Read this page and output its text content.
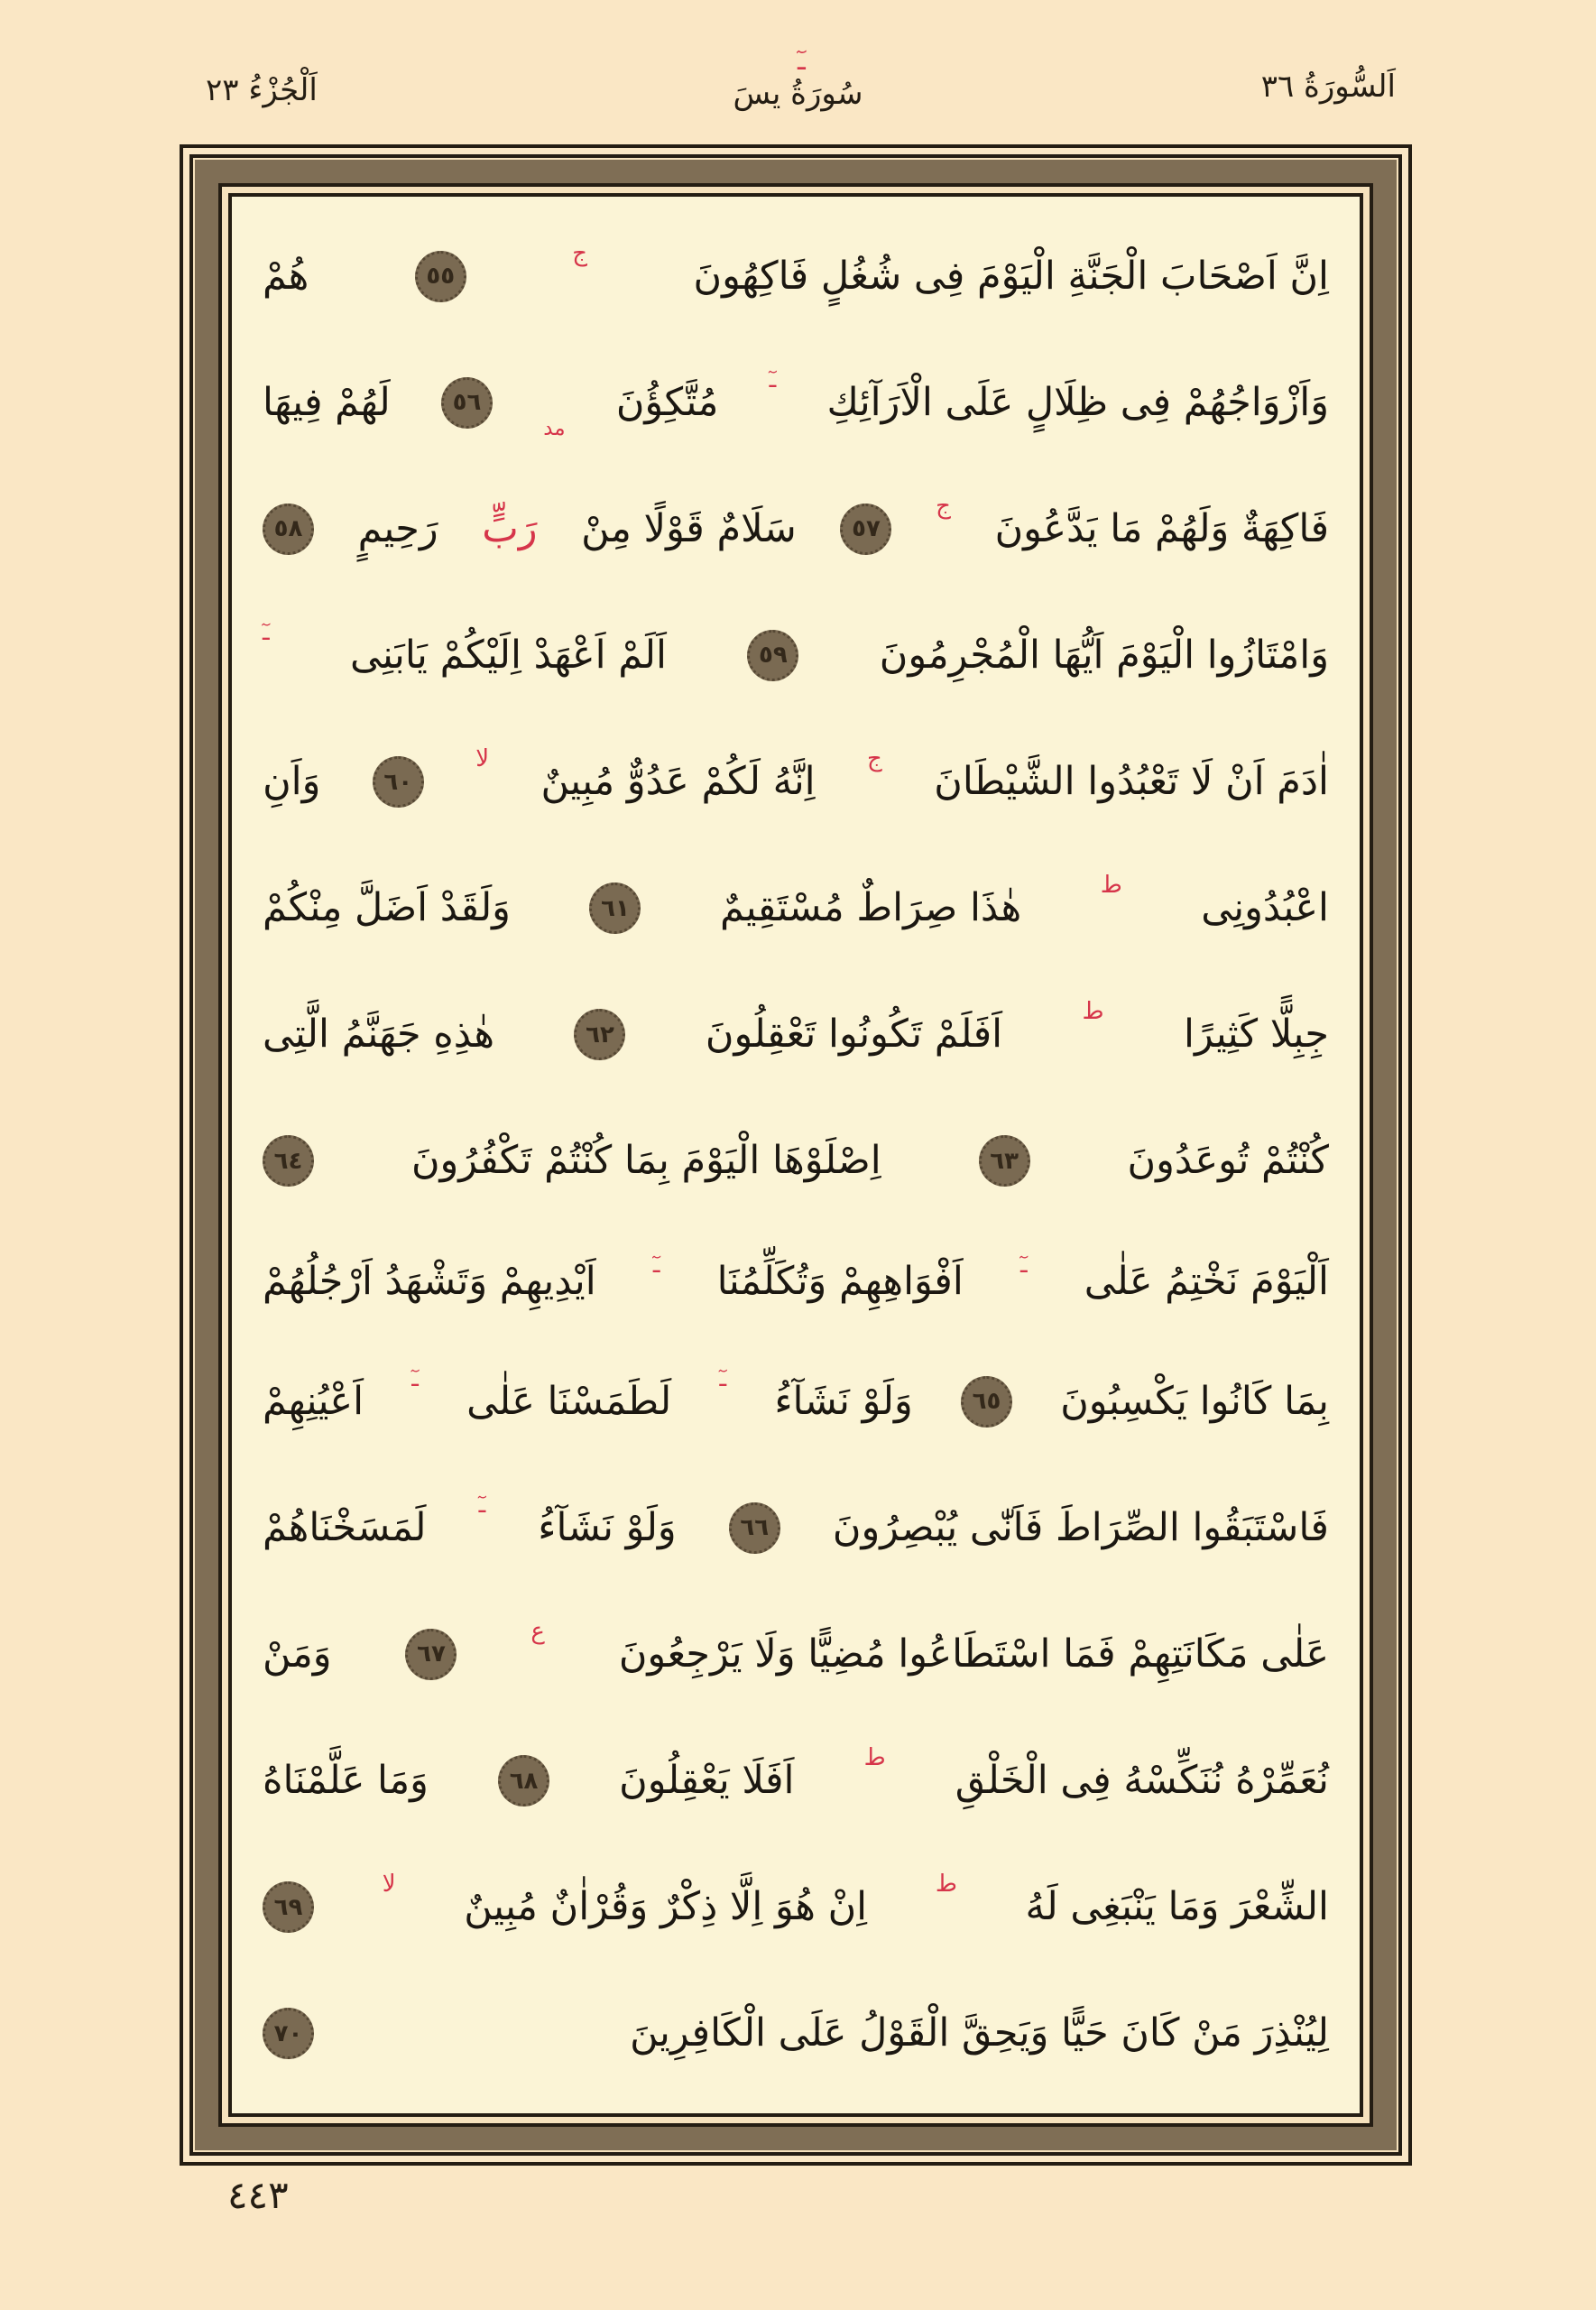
اَلْجُزْءُ ٢٣	سُورَةُ يسَ
ـٓ
اَلسُّورَةُ ٣٦
اِنَّ اَصْحَابَ الْجَنَّةِ الْيَوْمَ فِى شُغُلٍ فَاكِهُونَ
ج
٥٥
هُمْ
وَاَزْوَاجُهُمْ فِى ظِلَالٍ عَلَى الْاَرَآئِكِ
ـٓ
مُتَّكِؤُنَ
مد
٥٦
لَهُمْ فِيهَا
فَاكِهَةٌ وَلَهُمْ مَا يَدَّعُونَ
ج
٥٧
سَلَامٌ قَوْلًا مِنْ
رَبٍّ
رَحِيمٍ
٥٨
وَامْتَازُوا الْيَوْمَ اَيُّهَا الْمُجْرِمُونَ
٥٩
اَلَمْ اَعْهَدْ اِلَيْكُمْ يَابَنِى
ـٓ
اٰدَمَ اَنْ لَا تَعْبُدُوا الشَّيْطَانَ
ج
اِنَّهُ لَكُمْ عَدُوٌّ مُبِينٌ
لا
٦٠
وَاَنِ
اعْبُدُونِى
ط
هٰذَا صِرَاطٌ مُسْتَقِيمٌ
٦١
وَلَقَدْ اَضَلَّ مِنْكُمْ
جِبِلًّا كَثِيرًا
ط
اَفَلَمْ تَكُونُوا تَعْقِلُونَ
٦٢
هٰذِهِ جَهَنَّمُ الَّتِى
كُنْتُمْ تُوعَدُونَ
٦٣
اِصْلَوْهَا الْيَوْمَ بِمَا كُنْتُمْ تَكْفُرُونَ
٦٤
اَلْيَوْمَ نَخْتِمُ عَلٰى
ـٓ
اَفْوَاهِهِمْ وَتُكَلِّمُنَا
ـٓ
اَيْدِيهِمْ وَتَشْهَدُ اَرْجُلُهُمْ
بِمَا كَانُوا يَكْسِبُونَ
٦٥
وَلَوْ نَشَآءُ
ـٓ
لَطَمَسْنَا عَلٰى
ـٓ
اَعْيُنِهِمْ
فَاسْتَبَقُوا الصِّرَاطَ فَاَنّٰى يُبْصِرُونَ
٦٦
وَلَوْ نَشَآءُ
ـٓ
لَمَسَخْنَاهُمْ
عَلٰى مَكَانَتِهِمْ فَمَا اسْتَطَاعُوا مُضِيًّا وَلَا يَرْجِعُونَ
ع
٦٧
وَمَنْ
نُعَمِّرْهُ نُنَكِّسْهُ فِى الْخَلْقِ
ط
اَفَلَا يَعْقِلُونَ
٦٨
وَمَا عَلَّمْنَاهُ
الشِّعْرَ وَمَا يَنْبَغِى لَهُ
ط
اِنْ هُوَ اِلَّا ذِكْرٌ وَقُرْاٰنٌ مُبِينٌ
لا
٦٩
لِيُنْذِرَ مَنْ كَانَ حَيًّا وَيَحِقَّ الْقَوْلُ عَلَى الْكَافِرِينَ
٧٠
٤٤٣
